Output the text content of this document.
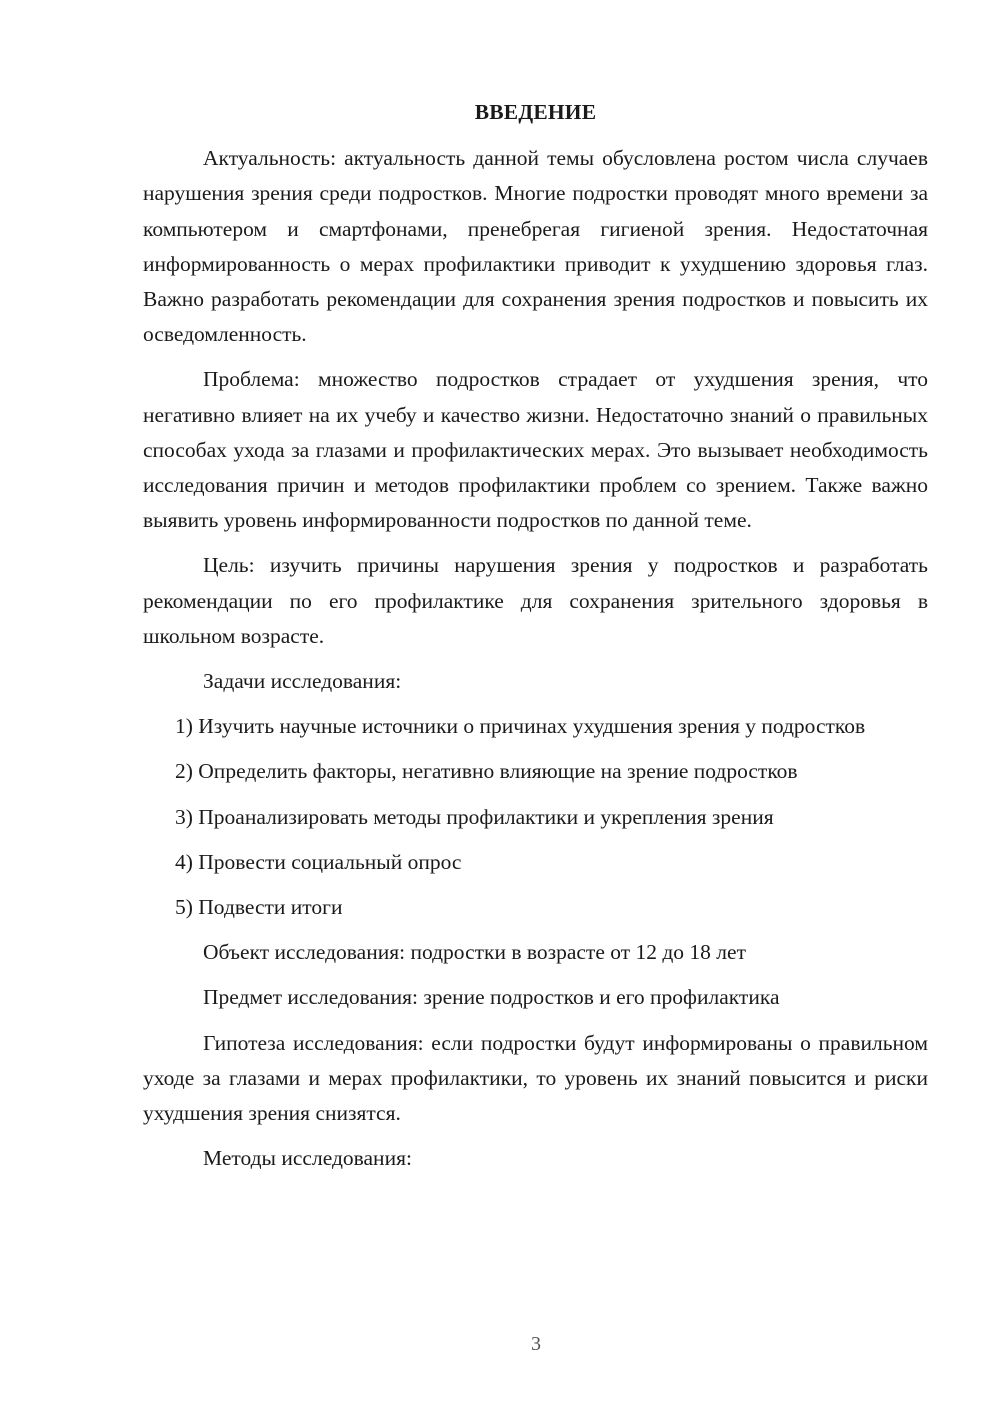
ВВЕДЕНИЕ

Актуальность: актуальность данной темы обусловлена ростом числа случаев нарушения зрения среди подростков. Многие подростки проводят много времени за компьютером и смартфонами, пренебрегая гигиеной зрения. Недостаточная информированность о мерах профилактики приводит к ухудшению здоровья глаз. Важно разработать рекомендации для сохранения зрения подростков и повысить их осведомленность.

Проблема: множество подростков страдает от ухудшения зрения, что негативно влияет на их учебу и качество жизни. Недостаточно знаний о правильных способах ухода за глазами и профилактических мерах. Это вызывает необходимость исследования причин и методов профилактики проблем со зрением. Также важно выявить уровень информированности подростков по данной теме.

Цель: изучить причины нарушения зрения у подростков и разработать рекомендации по его профилактике для сохранения зрительного здоровья в школьном возрасте.

Задачи исследования:

1) Изучить научные источники о причинах ухудшения зрения у подростков

2) Определить факторы, негативно влияющие на зрение подростков

3) Проанализировать методы профилактики и укрепления зрения

4) Провести социальный опрос

5) Подвести итоги

Объект исследования: подростки в возрасте от 12 до 18 лет

Предмет исследования: зрение подростков и его профилактика

Гипотеза исследования: если подростки будут информированы о правильном уходе за глазами и мерах профилактики, то уровень их знаний повысится и риски ухудшения зрения снизятся.

Методы исследования:

3
